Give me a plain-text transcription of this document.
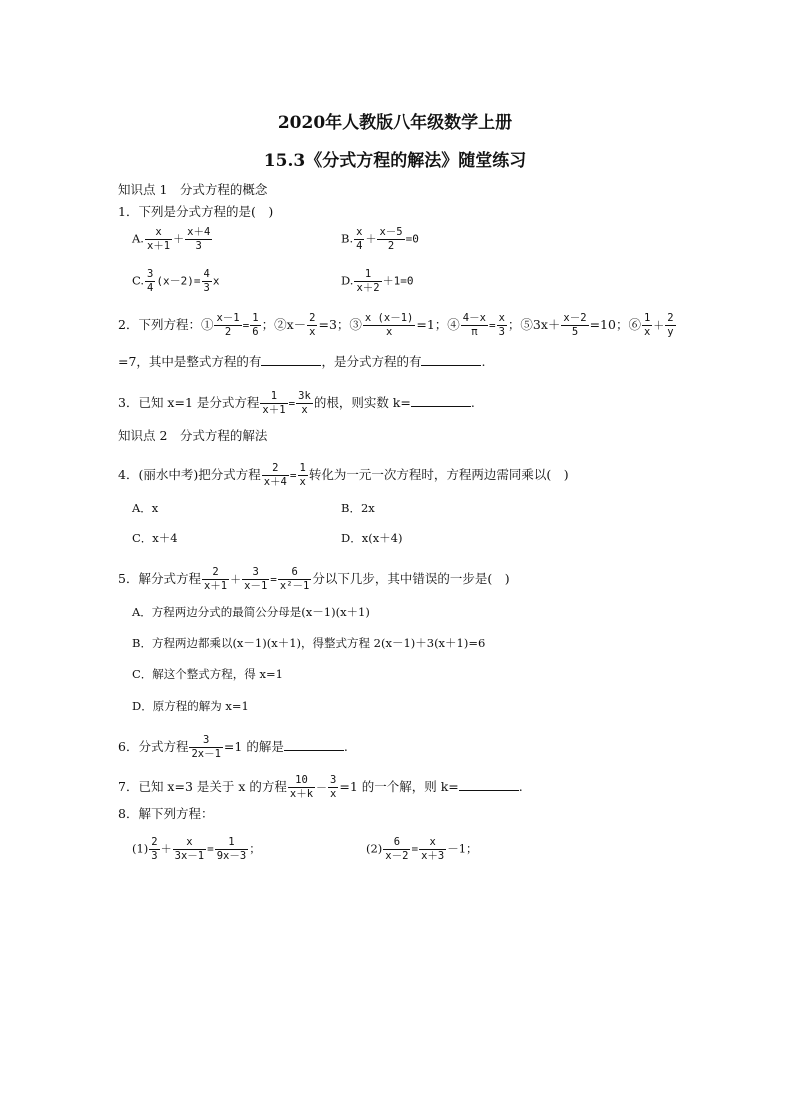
2020年人教版八年级数学上册
15.3《分式方程的解法》随堂练习
知识点 1　分式方程的概念
1．下列是分式方程的是(　)
A. $\frac{x}{x+1} + \frac{x+4}{3}$	B. $\frac{x}{4} + \frac{x-5}{2} =0$
C. $\frac{3}{4} (x-2)= \frac{4}{3}$ x	D. $\frac{1}{x+2} +1=0$
2．下列方程：① $\frac{x-1}{2} = \frac{1}{6}$ ；②x－ $\frac{2}{x} =3$；③ $\frac{x (x-1)}{x} =1$；④ $\frac{4-x}{\pi} = \frac{x}{3}$ ；⑤3x＋ $\frac{x-2}{5} =10$；⑥ $\frac{1}{x} + \frac{2}{y}$
=7，其中是整式方程的有	，是分式方程的有	.
3．已知 x=1 是分式方程 $\frac{1}{x+1} = \frac{3k}{x}$ 的根，则实数 k=	.
知识点 2　分式方程的解法
4．(丽水中考)把分式方程 $\frac{2}{x+4} = \frac{1}{x}$ 转化为一元一次方程时，方程两边需同乘以(　)
A．x	B．2x
C．x＋4	D．x(x＋4)
5．解分式方程 $\frac{2}{x+1} + \frac{3}{x-1} = \frac{6}{\text{x²－1}}$ 分以下几步，其中错误的一步是(　)
A．方程两边分式的最简公分母是(x－1)(x＋1)
B．方程两边都乘以(x－1)(x＋1)，得整式方程 2(x－1)＋3(x＋1)=6
C．解这个整式方程，得 x=1
D．原方程的解为 x=1
6．分式方程 $\frac{3}{2x-1} =1$ 的解是	.
7．已知 x=3 是关于 x 的方程 $\frac{10}{x+k} - \frac{3}{x} =1$ 的一个解，则 k=	.
8．解下列方程：
$(1) \frac{2}{3} + \frac{x}{3x-1} = \frac{1}{9x-3}$ ；	$(2) \frac{6}{x-2} = \frac{x}{x+3} -1$；
